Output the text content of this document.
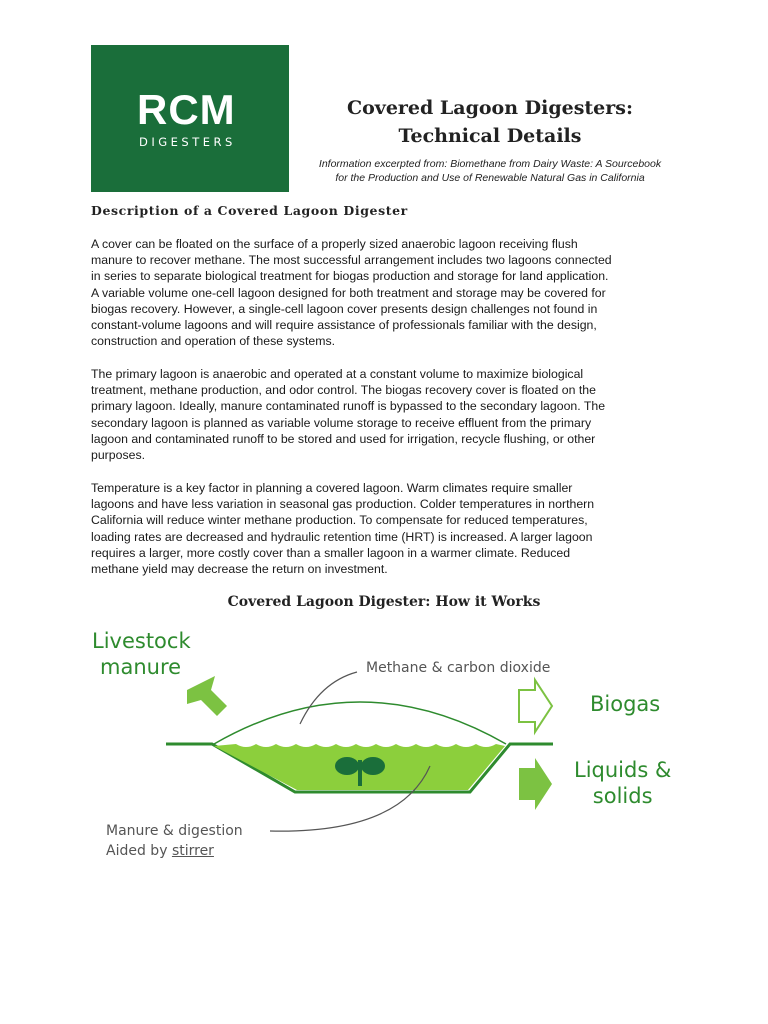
RCM
DIGESTERS
Covered Lagoon Digesters:
Technical Details
Information excerpted from: Biomethane from Dairy Waste: A Sourcebook
for the Production and Use of Renewable Natural Gas in California
Description of a Covered Lagoon Digester
A cover can be floated on the surface of a properly sized anaerobic lagoon receiving flush
manure to recover methane. The most successful arrangement includes two lagoons connected
in series to separate biological treatment for biogas production and storage for land application.
A variable volume one-cell lagoon designed for both treatment and storage may be covered for
biogas recovery. However, a single-cell lagoon cover presents design challenges not found in
constant-volume lagoons and will require assistance of professionals familiar with the design,
construction and operation of these systems.
The primary lagoon is anaerobic and operated at a constant volume to maximize biological
treatment, methane production, and odor control. The biogas recovery cover is floated on the
primary lagoon. Ideally, manure contaminated runoff is bypassed to the secondary lagoon. The
secondary lagoon is planned as variable volume storage to receive effluent from the primary
lagoon and contaminated runoff to be stored and used for irrigation, recycle flushing, or other
purposes.
Temperature is a key factor in planning a covered lagoon. Warm climates require smaller
lagoons and have less variation in seasonal gas production. Colder temperatures in northern
California will reduce winter methane production. To compensate for reduced temperatures,
loading rates are decreased and hydraulic retention time (HRT) is increased. A larger lagoon
requires a larger, more costly cover than a smaller lagoon in a warmer climate. Reduced
methane yield may decrease the return on investment.
Covered Lagoon Digester: How it Works
Livestock
manure	Methane & carbon dioxide
Biogas
Liquids &
solids
Manure & digestion
Aided by stirrer
